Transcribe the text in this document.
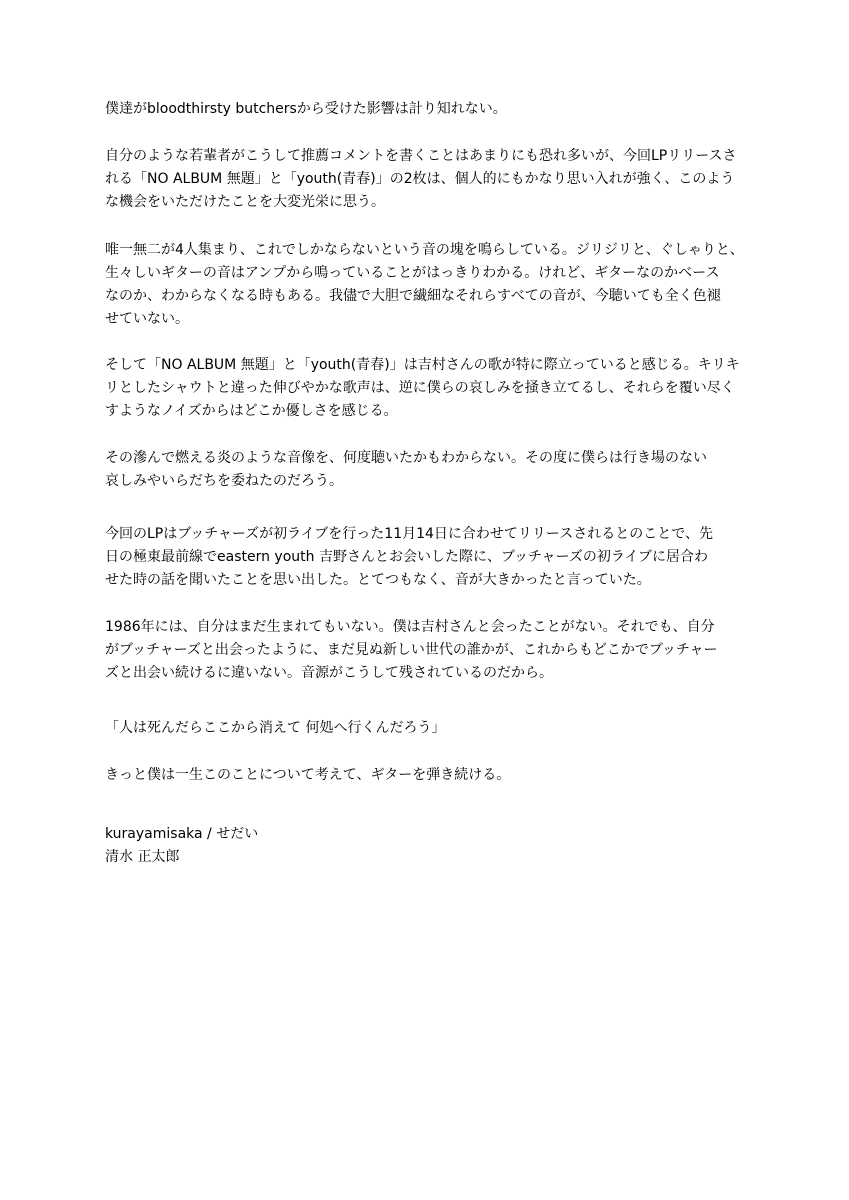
僕達がbloodthirsty butchersから受けた影響は計り知れない。

自分のような若輩者がこうして推薦コメントを書くことはあまりにも恐れ多いが、今回LPリリースさ
れる「NO ALBUM 無題」と「youth(青春)」の2枚は、個人的にもかなり思い入れが強く、このよう
な機会をいただけたことを大変光栄に思う。

唯一無二が4人集まり、これでしかならないという音の塊を鳴らしている。ジリジリと、ぐしゃりと、
生々しいギターの音はアンプから鳴っていることがはっきりわかる。けれど、ギターなのかベース
なのか、わからなくなる時もある。我儘で大胆で繊細なそれらすべての音が、今聴いても全く色褪
せていない。

そして「NO ALBUM 無題」と「youth(青春)」は吉村さんの歌が特に際立っていると感じる。キリキ
リとしたシャウトと違った伸びやかな歌声は、逆に僕らの哀しみを掻き立てるし、それらを覆い尽く
すようなノイズからはどこか優しさを感じる。

その滲んで燃える炎のような音像を、何度聴いたかもわからない。その度に僕らは行き場のない
哀しみやいらだちを委ねたのだろう。

今回のLPはブッチャーズが初ライブを行った11月14日に合わせてリリースされるとのことで、先
日の極東最前線でeastern youth 吉野さんとお会いした際に、ブッチャーズの初ライブに居合わ
せた時の話を聞いたことを思い出した。とてつもなく、音が大きかったと言っていた。

1986年には、自分はまだ生まれてもいない。僕は吉村さんと会ったことがない。それでも、自分
がブッチャーズと出会ったように、まだ見ぬ新しい世代の誰かが、これからもどこかでブッチャー
ズと出会い続けるに違いない。音源がこうして残されているのだから。

「人は死んだらここから消えて 何処へ行くんだろう」

きっと僕は一生このことについて考えて、ギターを弾き続ける。

kurayamisaka / せだい
清水 正太郎
